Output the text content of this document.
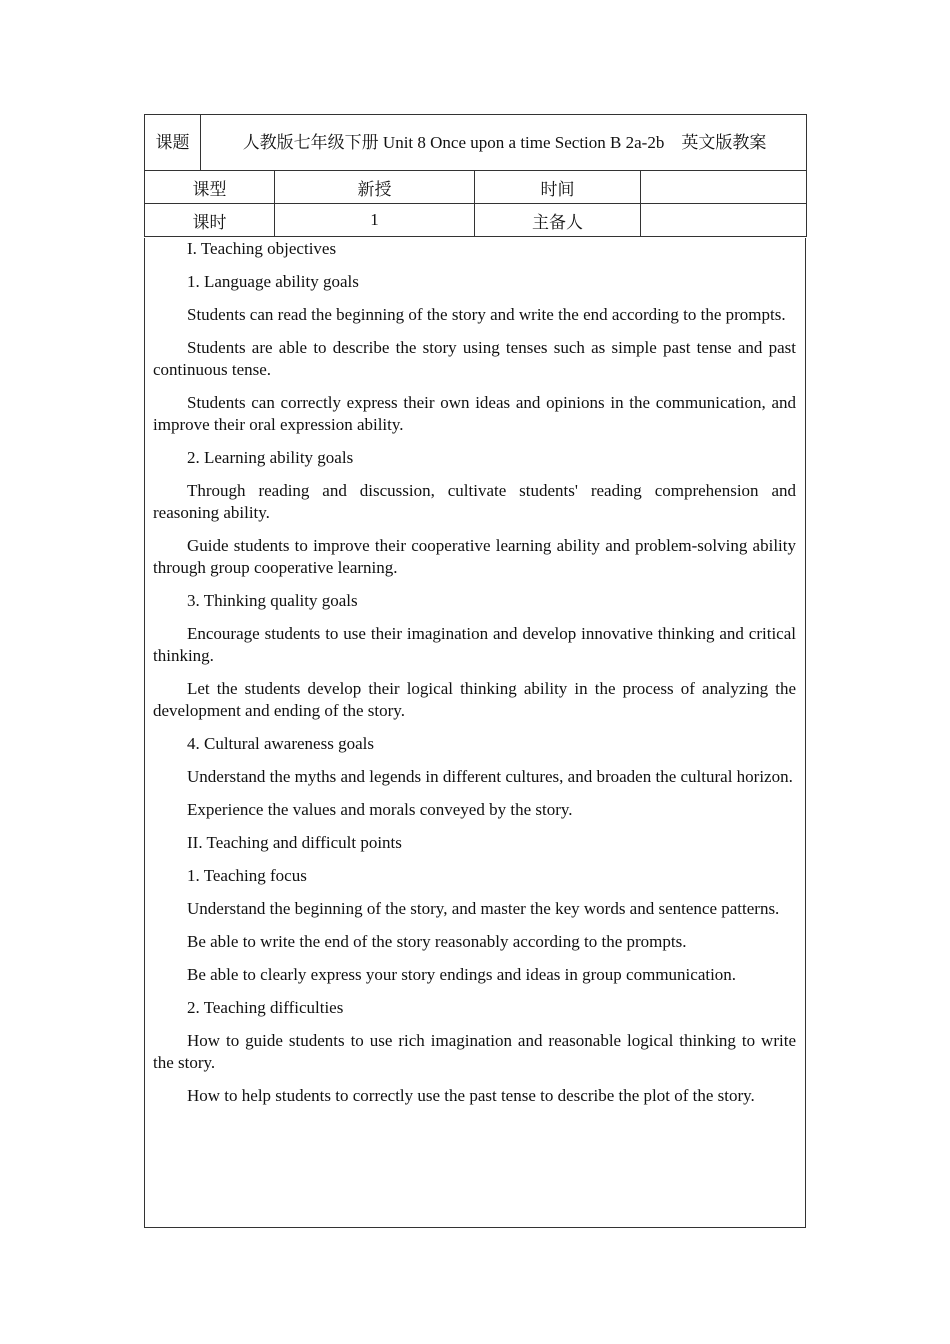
课题	人教版七年级下册 Unit 8 Once upon a time Section B 2a-2b　英文版教案			
课型		新授	时间	
课时		1	主备人	

I. Teaching objectives

1. Language ability goals

Students can read the beginning of the story and write the end according to the prompts.

Students are able to describe the story using tenses such as simple past tense and past continuous tense.

Students can correctly express their own ideas and opinions in the communication, and improve their oral expression ability.

2. Learning ability goals

Through reading and discussion, cultivate students' reading comprehension and reasoning ability.

Guide students to improve their cooperative learning ability and problem-solving ability through group cooperative learning.

3. Thinking quality goals

Encourage students to use their imagination and develop innovative thinking and critical thinking.

Let the students develop their logical thinking ability in the process of analyzing the development and ending of the story.

4. Cultural awareness goals

Understand the myths and legends in different cultures, and broaden the cultural horizon.

Experience the values and morals conveyed by the story.

II. Teaching and difficult points

1. Teaching focus

Understand the beginning of the story, and master the key words and sentence patterns.

Be able to write the end of the story reasonably according to the prompts.

Be able to clearly express your story endings and ideas in group communication.

2. Teaching difficulties

How to guide students to use rich imagination and reasonable logical thinking to write the story.

How to help students to correctly use the past tense to describe the plot of the story.
